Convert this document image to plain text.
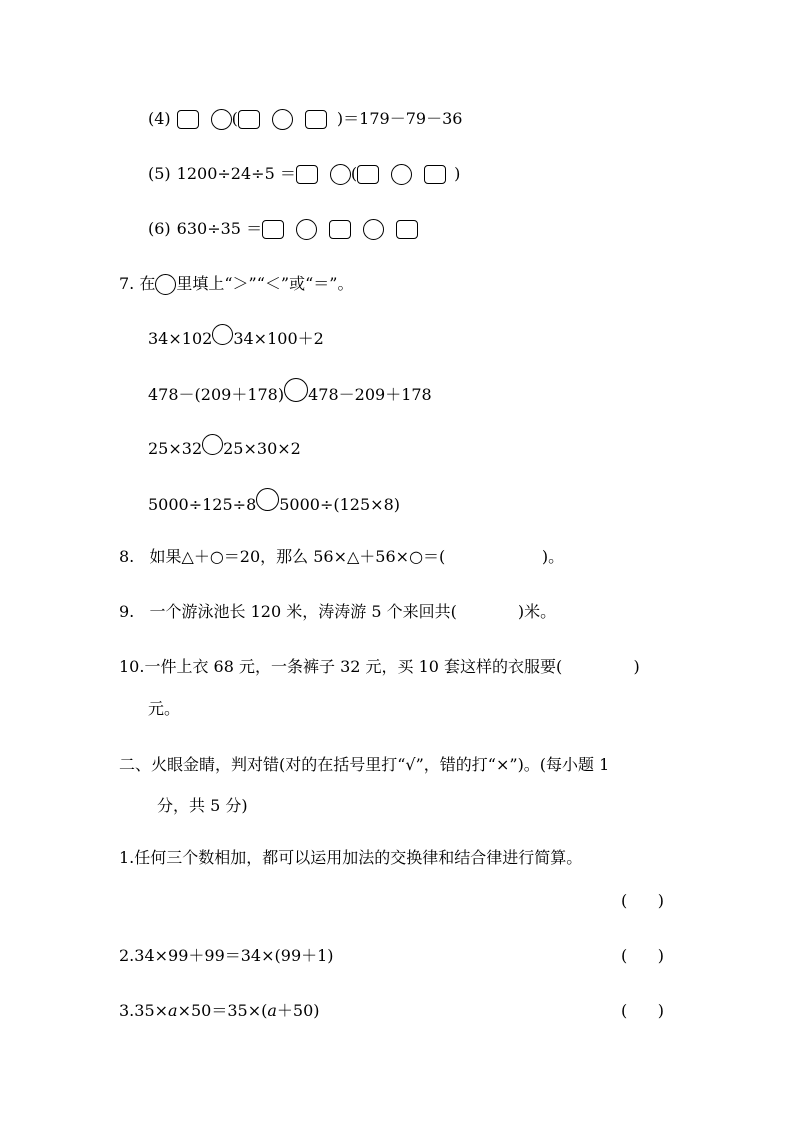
(4)	(	)＝179－79－36
(5) 1200÷24÷5 ＝	(	)
(6) 630÷35 ＝
7. 在 里填上“＞”“＜”或“＝”。
34×102 34×100＋2
478－(209＋178) 478－209＋178
25×32 25×30×2
5000÷125÷8 5000÷(125×8)
8.   如果△＋○＝20，那么 56×△＋56×○＝(                   )。
9.   一个游泳池长 120 米，涛涛游 5 个来回共(            )米。
10.一件上衣 68 元，一条裤子 32 元，买 10 套这样的衣服要(              )
元。
二、火眼金睛，判对错(对的在括号里打“√”，错的打“×”)。(每小题 1
分，共 5 分)
1.任何三个数相加，都可以运用加法的交换律和结合律进行简算。
(      )
2.34×99＋99＝34×(99＋1)	(      )
3.35× a ×50＝35×( a ＋50)	(      )
